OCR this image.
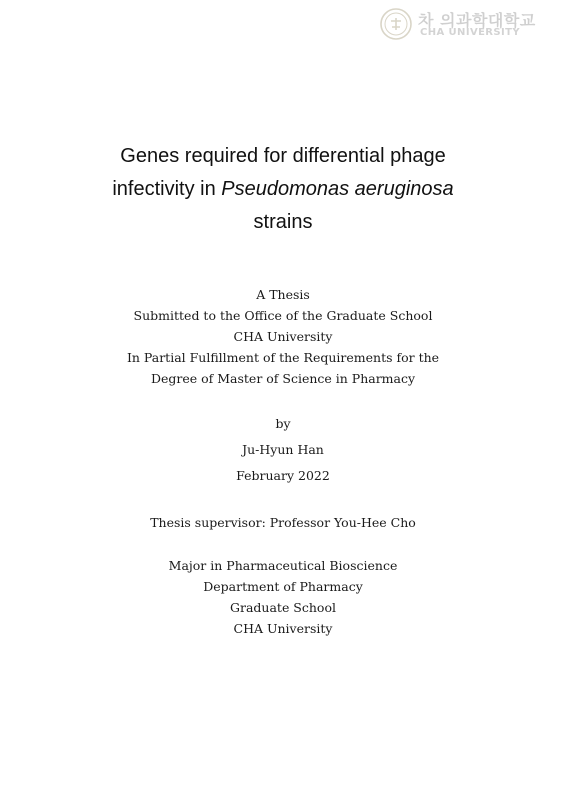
차 의과학대학교
CHA UNIVERSITY
Genes required for differential phage
infectivity in Pseudomonas aeruginosa
strains
A Thesis
Submitted to the Office of the Graduate School
CHA University
In Partial Fulfillment of the Requirements for the
Degree of Master of Science in Pharmacy
by
Ju-Hyun Han
February 2022
Thesis supervisor: Professor You-Hee Cho
Major in Pharmaceutical Bioscience
Department of Pharmacy
Graduate School
CHA University
